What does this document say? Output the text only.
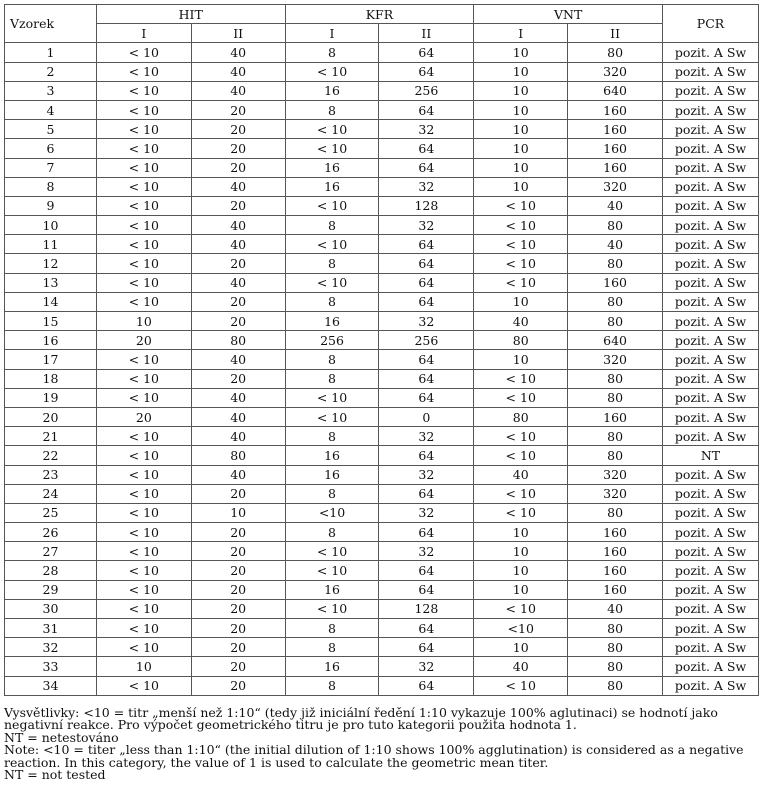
Vzorek	HIT		KFR		VNT		PCR
	I	II	I	II	I	II	
1	< 10	40	8	64	10	80	pozit. A Sw
2	< 10	40	< 10	64	10	320	pozit. A Sw
3	< 10	40	16	256	10	640	pozit. A Sw
4	< 10	20	8	64	10	160	pozit. A Sw
5	< 10	20	< 10	32	10	160	pozit. A Sw
6	< 10	20	< 10	64	10	160	pozit. A Sw
7	< 10	20	16	64	10	160	pozit. A Sw
8	< 10	40	16	32	10	320	pozit. A Sw
9	< 10	20	< 10	128	< 10	40	pozit. A Sw
10	< 10	40	8	32	< 10	80	pozit. A Sw
11	< 10	40	< 10	64	< 10	40	pozit. A Sw
12	< 10	20	8	64	< 10	80	pozit. A Sw
13	< 10	40	< 10	64	< 10	160	pozit. A Sw
14	< 10	20	8	64	10	80	pozit. A Sw
15	10	20	16	32	40	80	pozit. A Sw
16	20	80	256	256	80	640	pozit. A Sw
17	< 10	40	8	64	10	320	pozit. A Sw
18	< 10	20	8	64	< 10	80	pozit. A Sw
19	< 10	40	< 10	64	< 10	80	pozit. A Sw
20	20	40	< 10	0	80	160	pozit. A Sw
21	< 10	40	8	32	< 10	80	pozit. A Sw
22	< 10	80	16	64	< 10	80	NT
23	< 10	40	16	32	40	320	pozit. A Sw
24	< 10	20	8	64	< 10	320	pozit. A Sw
25	< 10	10	<10	32	< 10	80	pozit. A Sw
26	< 10	20	8	64	10	160	pozit. A Sw
27	< 10	20	< 10	32	10	160	pozit. A Sw
28	< 10	20	< 10	64	10	160	pozit. A Sw
29	< 10	20	16	64	10	160	pozit. A Sw
30	< 10	20	< 10	128	< 10	40	pozit. A Sw
31	< 10	20	8	64	<10	80	pozit. A Sw
32	< 10	20	8	64	10	80	pozit. A Sw
33	10	20	16	32	40	80	pozit. A Sw
34	< 10	20	8	64	< 10	80	pozit. A Sw

Vysvětlivky: <10 = titr „menší než 1:10“ (tedy již iniciální ředění 1:10 vykazuje 100% aglutinaci) se hodnotí jako negativní reakce. Pro výpočet geometrického titru je pro tuto kategorii použita hodnota 1.

NT = netestováno

Note: <10 = titer „less than 1:10“ (the initial dilution of 1:10 shows 100% agglutination) is considered as a negative reaction. In this category, the value of 1 is used to calculate the geometric mean titer.

NT = not tested
